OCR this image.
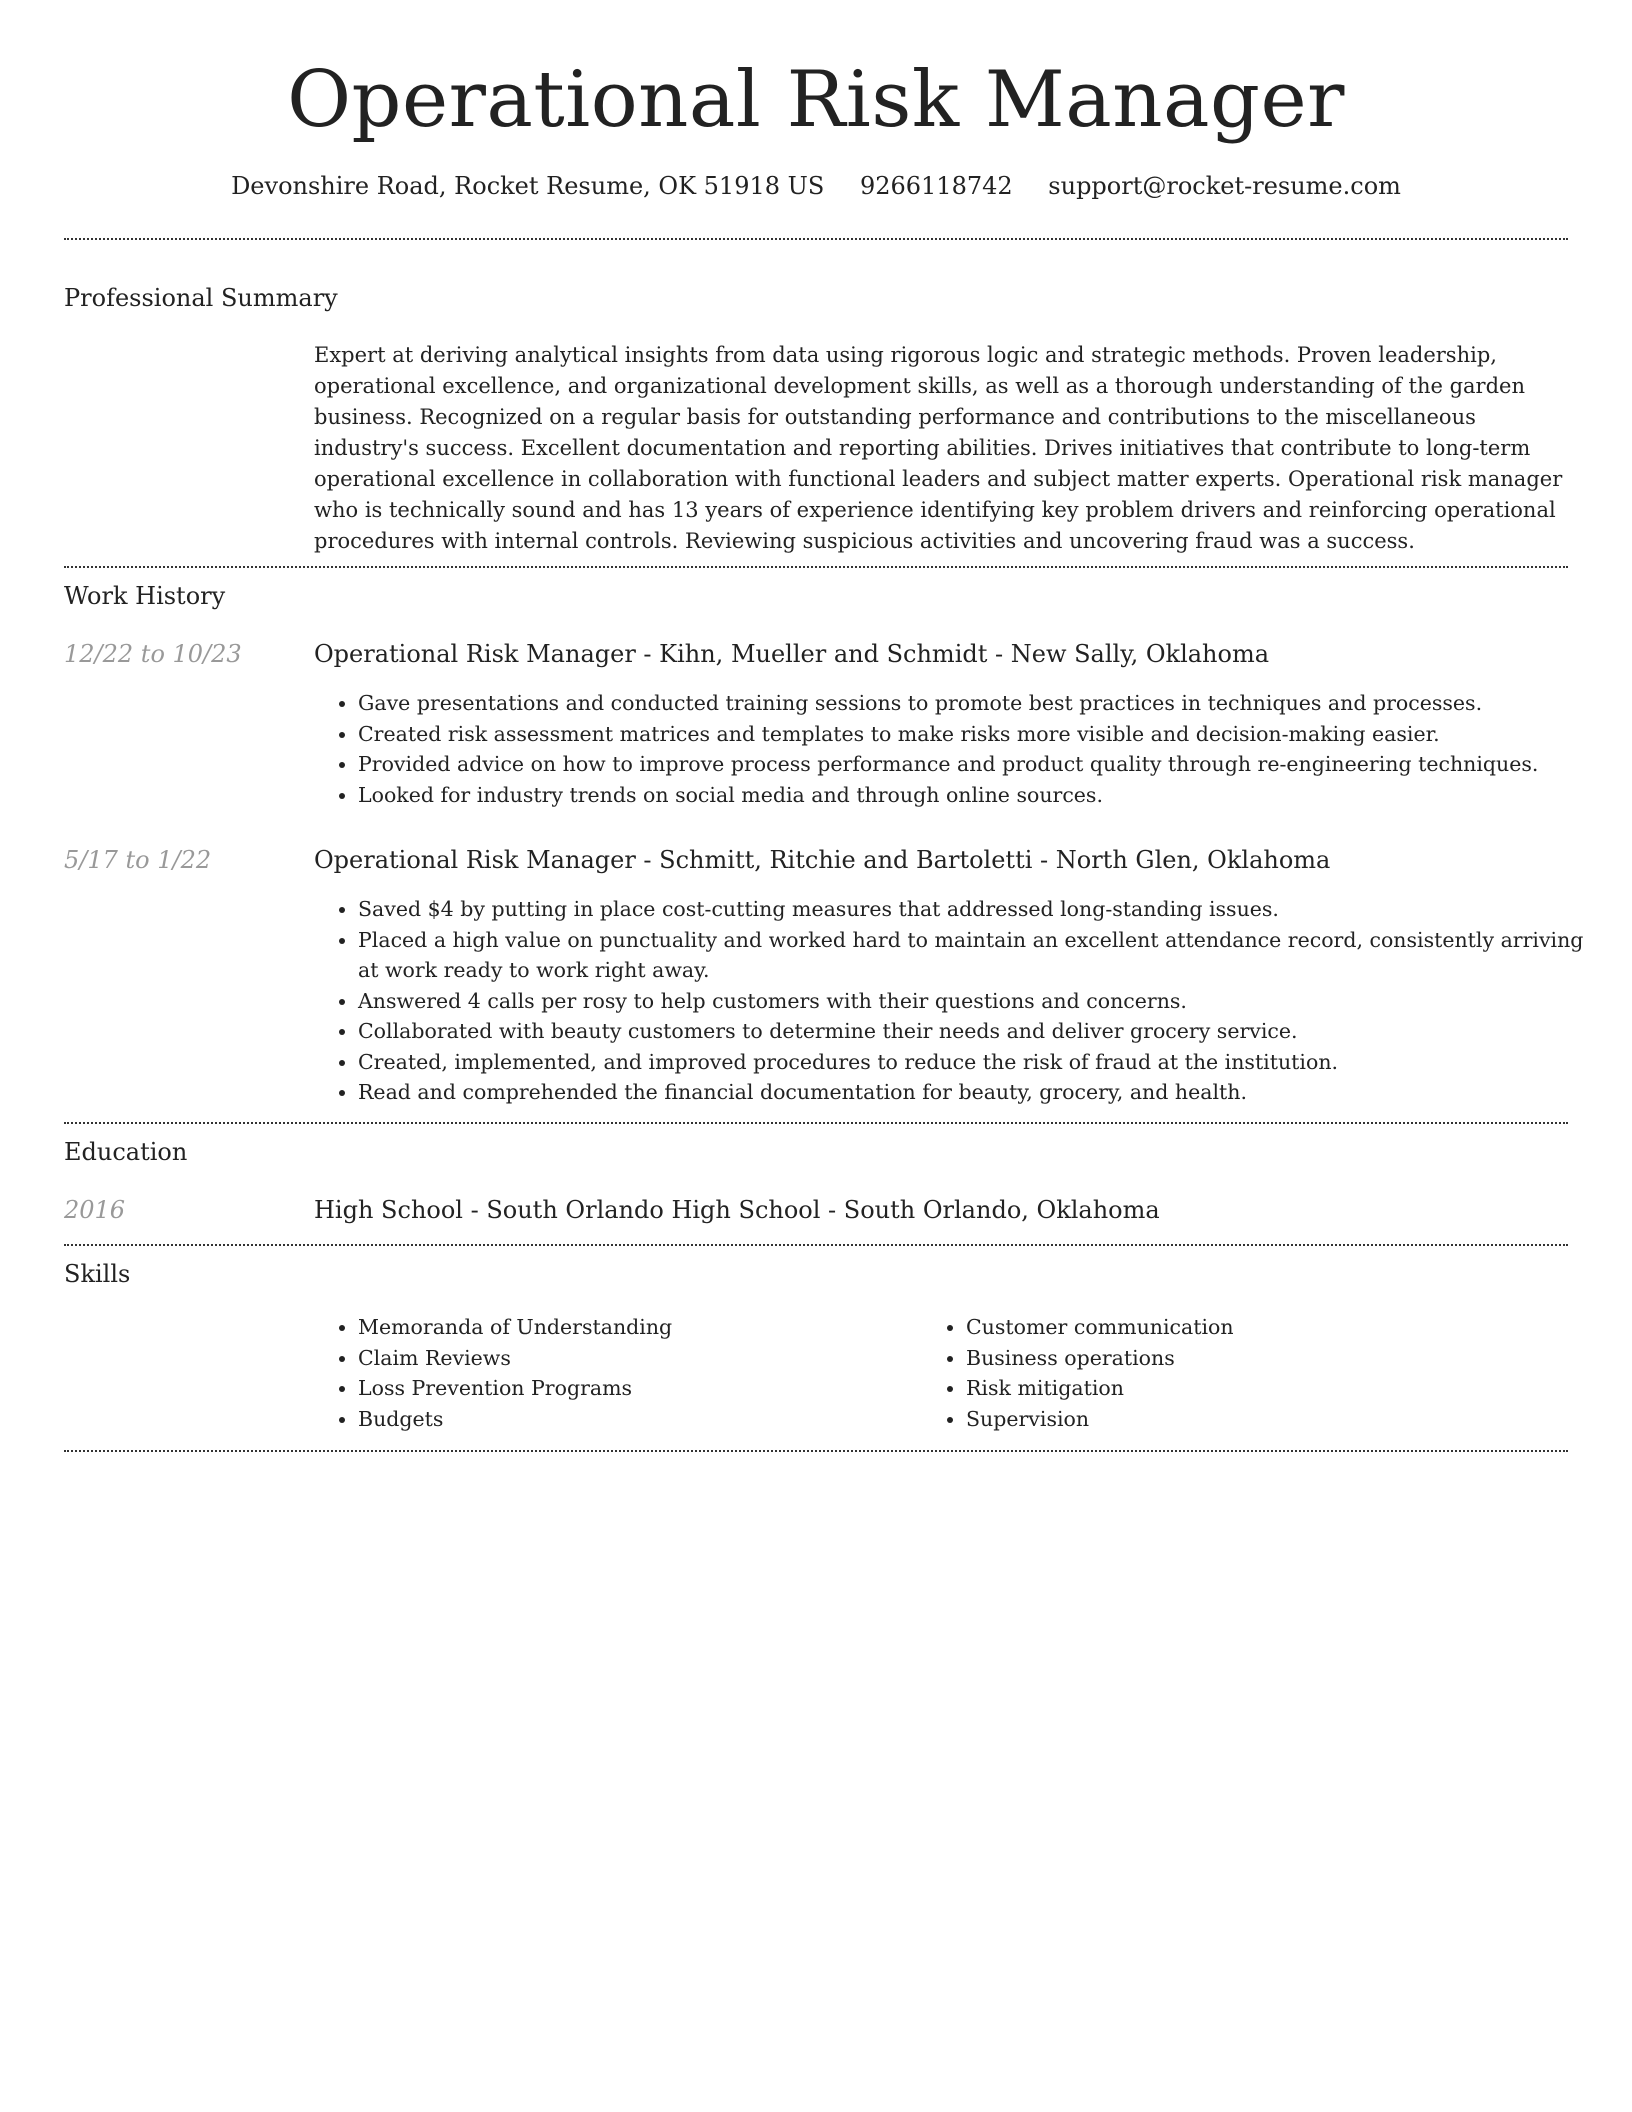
Operational Risk Manager
Devonshire Road, Rocket Resume, OK 51918 US 9266118742 support@rocket-resume.com
Professional Summary

Expert at deriving analytical insights from data using rigorous logic and strategic methods. Proven leadership, operational excellence, and organizational development skills, as well as a thorough understanding of the garden business. Recognized on a regular basis for outstanding performance and contributions to the miscellaneous industry's success. Excellent documentation and reporting abilities. Drives initiatives that contribute to long-term operational excellence in collaboration with functional leaders and subject matter experts. Operational risk manager who is technically sound and has 13 years of experience identifying key problem drivers and reinforcing operational procedures with internal controls. Reviewing suspicious activities and uncovering fraud was a success.

Work History
12/22 to 10/23	Operational Risk Manager - Kihn, Mueller and Schmidt - New Sally, Oklahoma
• Gave presentations and conducted training sessions to promote best practices in techniques and processes.
• Created risk assessment matrices and templates to make risks more visible and decision-making easier.
• Provided advice on how to improve process performance and product quality through re-engineering techniques.
• Looked for industry trends on social media and through online sources.
5/17 to 1/22	Operational Risk Manager - Schmitt, Ritchie and Bartoletti - North Glen, Oklahoma
• Saved $4 by putting in place cost-cutting measures that addressed long-standing issues.
• Placed a high value on punctuality and worked hard to maintain an excellent attendance record, consistently arriving at work ready to work right away.
• Answered 4 calls per rosy to help customers with their questions and concerns.
• Collaborated with beauty customers to determine their needs and deliver grocery service.
• Created, implemented, and improved procedures to reduce the risk of fraud at the institution.
• Read and comprehended the financial documentation for beauty, grocery, and health.
Education
2016	High School - South Orlando High School - South Orlando, Oklahoma
Skills
• Memoranda of Understanding
• Claim Reviews
• Loss Prevention Programs
• Budgets
• Customer communication
• Business operations
• Risk mitigation
• Supervision
